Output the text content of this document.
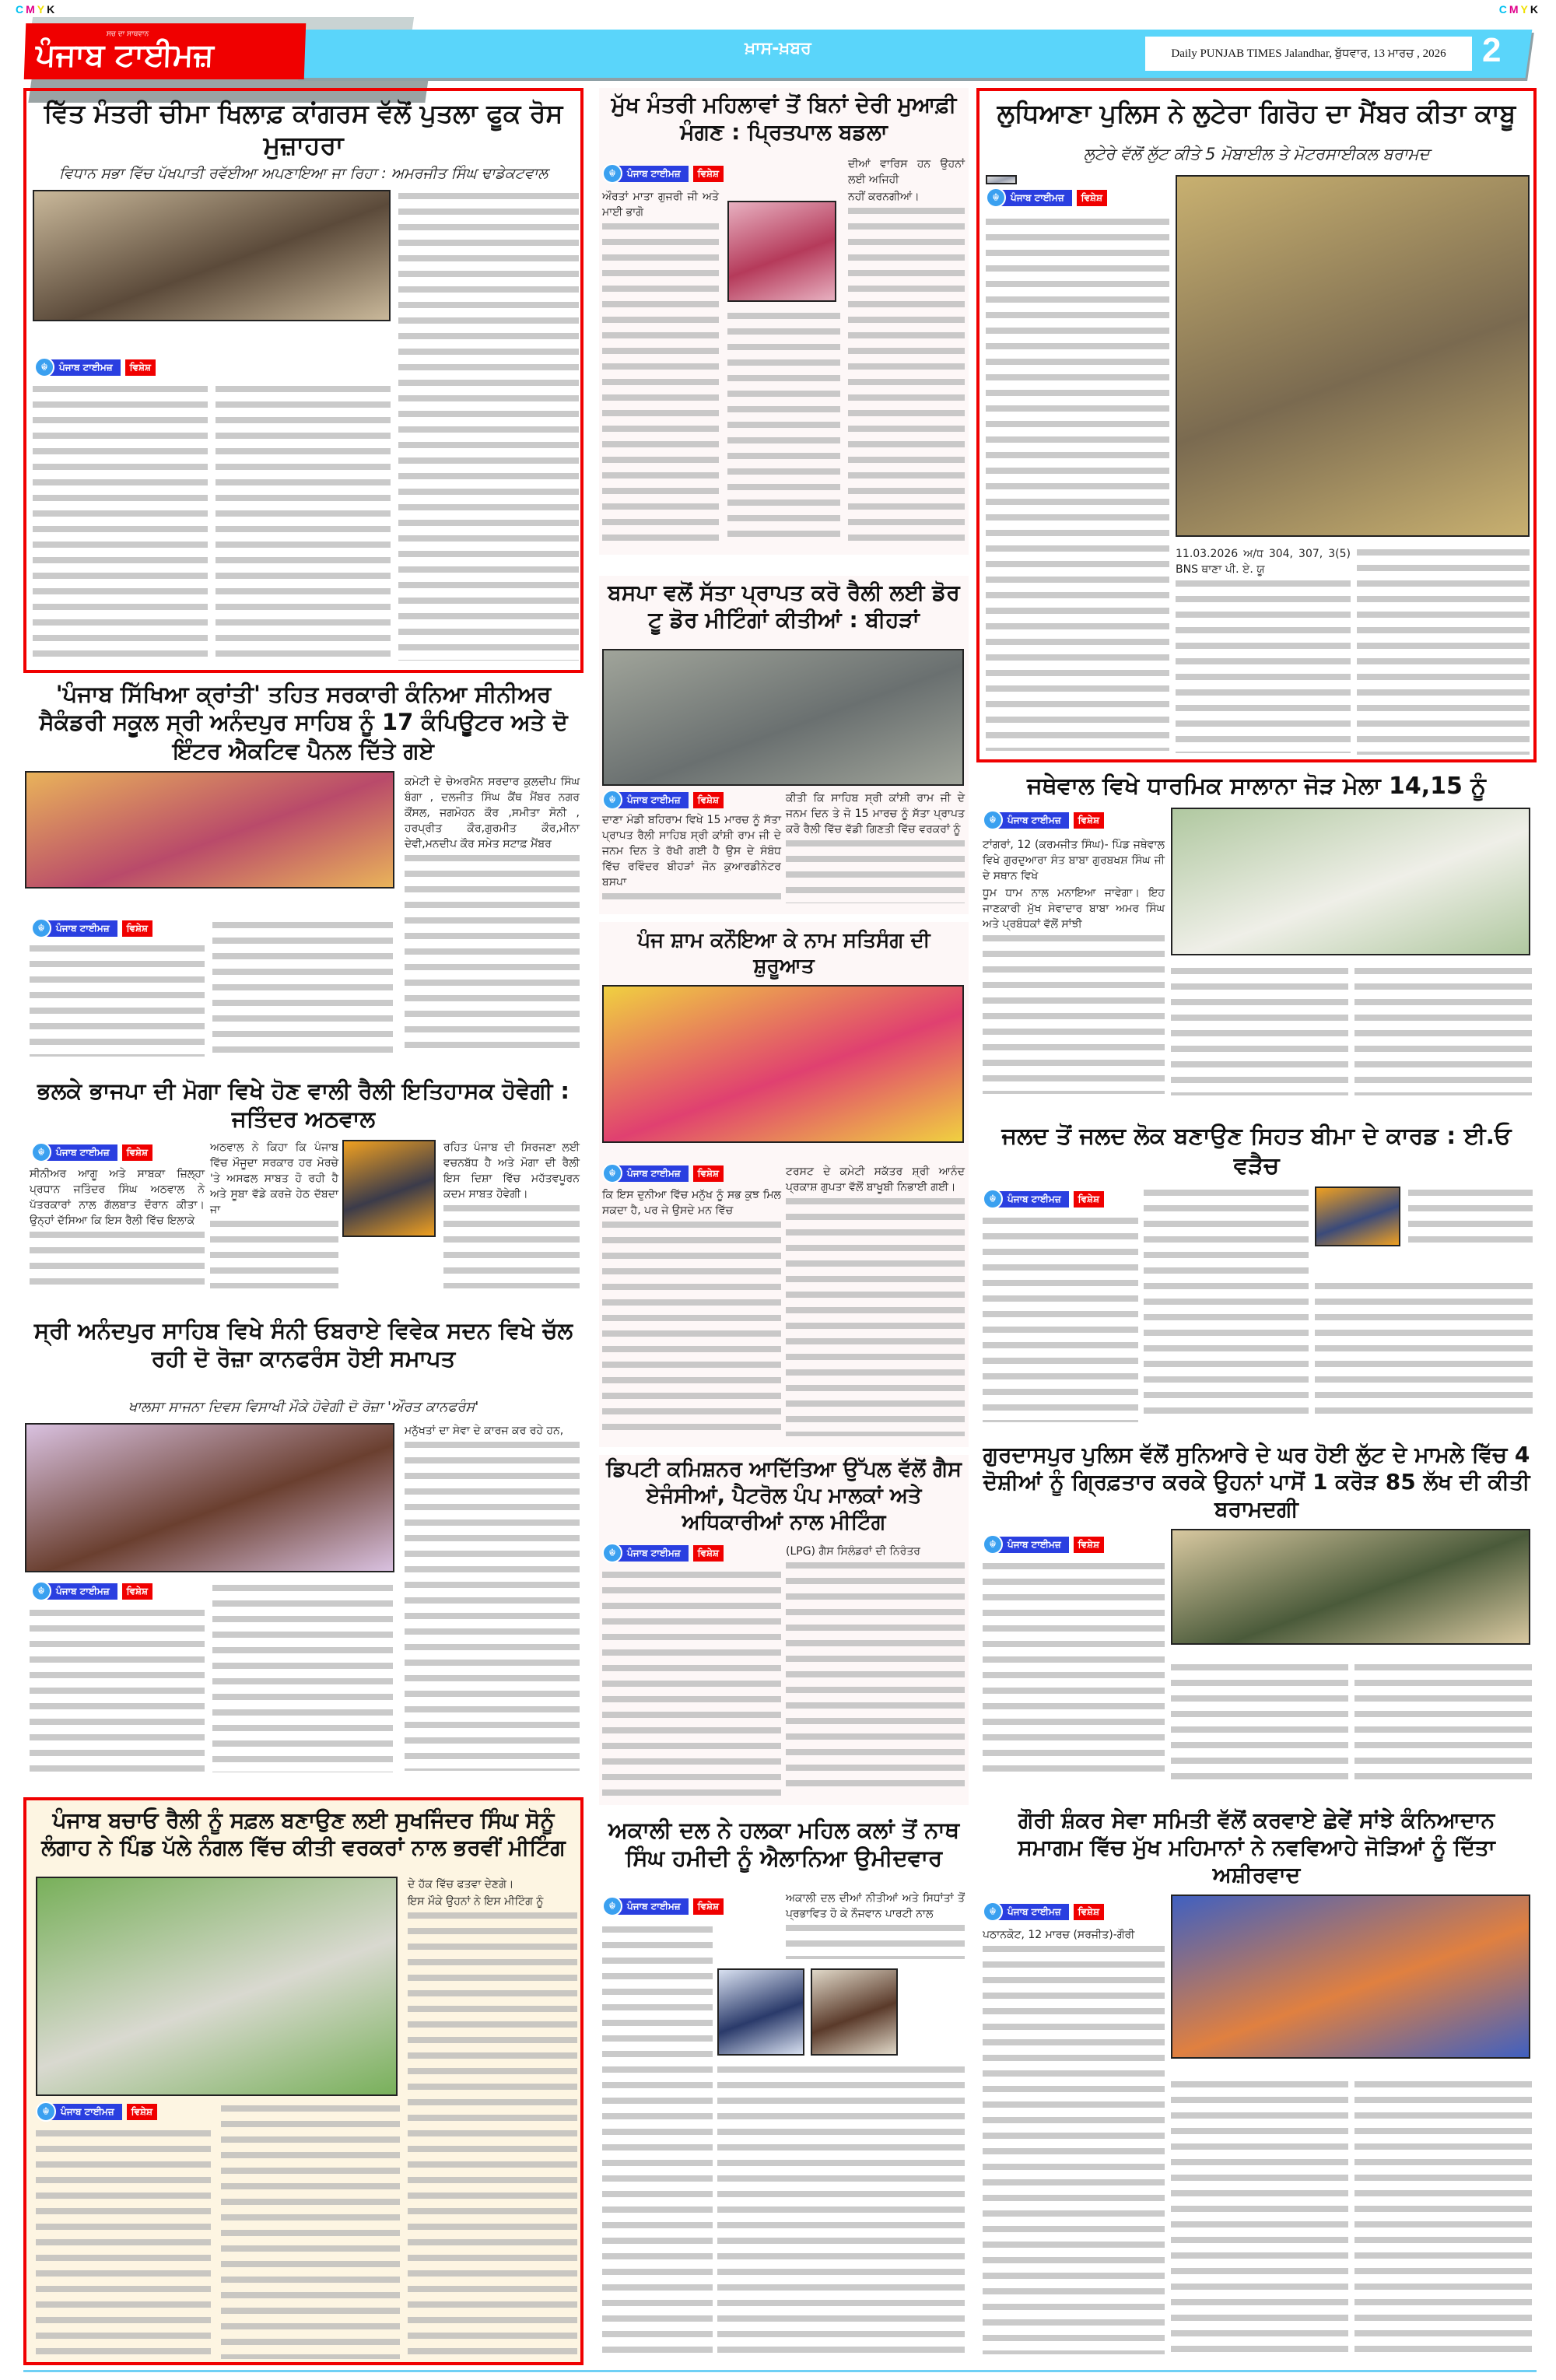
CMYK	CMYK
ਸਚ ਦਾ ਸਾਥਵਾਨ
ਪੰਜਾਬ ਟਾਈਮਜ਼	ਖ਼ਾਸ-ਖ਼ਬਰ	Daily PUNJAB TIMES Jalandhar, ਬੁੱਧਵਾਰ, 13 ਮਾਰਚ , 2026	2
ਵਿੱਤ ਮੰਤਰੀ ਚੀਮਾ ਖਿਲਾਫ਼ ਕਾਂਗਰਸ ਵੱਲੋਂ ਪੁਤਲਾ ਫੂਕ ਰੋਸ ਮੁਜ਼ਾਹਰਾ
ਵਿਧਾਨ ਸਭਾ ਵਿੱਚ ਪੱਖਪਾਤੀ ਰਵੱਈਆ ਅਪਣਾਇਆ ਜਾ ਰਿਹਾ : ਅਮਰਜੀਤ ਸਿੰਘ ਢਾਡੇਕਟਵਾਲ
☬	ਪੰਜਾਬ ਟਾਈਮਜ਼	ਵਿਸ਼ੇਸ਼
'ਪੰਜਾਬ ਸਿੱਖਿਆ ਕ੍ਰਾਂਤੀ' ਤਹਿਤ ਸਰਕਾਰੀ ਕੰਨਿਆ ਸੀਨੀਅਰ ਸੈਕੰਡਰੀ ਸਕੂਲ ਸ੍ਰੀ ਅਨੰਦਪੁਰ ਸਾਹਿਬ ਨੂੰ 17 ਕੰਪਿਊਟਰ ਅਤੇ ਦੋ ਇੰਟਰ ਐਕਟਿਵ ਪੈਨਲ ਦਿੱਤੇ ਗਏ
☬	ਪੰਜਾਬ ਟਾਈਮਜ਼	ਵਿਸ਼ੇਸ਼

ਕਮੇਟੀ ਦੇ ਚੇਅਰਮੈਨ ਸਰਦਾਰ ਕੁਲਦੀਪ ਸਿੰਘ ਬੰਗਾ , ਦਲਜੀਤ ਸਿੰਘ ਕੈਂਥ ਮੈਂਬਰ ਨਗਰ ਕੌਂਸਲ, ਜਗਮੋਹਨ ਕੌਰ ,ਸਮੀਤਾ ਸੋਨੀ , ਹਰਪ੍ਰੀਤ ਕੌਰ,ਗੁਰਮੀਤ ਕੌਰ,ਮੀਨਾ ਦੇਵੀ,ਮਨਦੀਪ ਕੌਰ ਸਮੇਤ ਸਟਾਫ਼ ਮੈਂਬਰ

ਭਲਕੇ ਭਾਜਪਾ ਦੀ ਮੋਗਾ ਵਿਖੇ ਹੋਣ ਵਾਲੀ ਰੈਲੀ ਇਤਿਹਾਸਕ ਹੋਵੇਗੀ : ਜਤਿੰਦਰ ਅਠਵਾਲ
☬	ਪੰਜਾਬ ਟਾਈਮਜ਼	ਵਿਸ਼ੇਸ਼

ਸੀਨੀਅਰ ਆਗੂ ਅਤੇ ਸਾਬਕਾ ਜ਼ਿਲ੍ਹਾ ਪ੍ਰਧਾਨ ਜਤਿੰਦਰ ਸਿੰਘ ਅਠਵਾਲ ਨੇ ਪੱਤਰਕਾਰਾਂ ਨਾਲ ਗੱਲਬਾਤ ਦੌਰਾਨ ਕੀਤਾ। ਉਨ੍ਹਾਂ ਦੱਸਿਆ ਕਿ ਇਸ ਰੈਲੀ ਵਿੱਚ ਇਲਾਕੇ

ਅਠਵਾਲ ਨੇ ਕਿਹਾ ਕਿ ਪੰਜਾਬ ਵਿੱਚ ਮੌਜੂਦਾ ਸਰਕਾਰ ਹਰ ਮੋਰਚੇ 'ਤੇ ਅਸਫਲ ਸਾਬਤ ਹੋ ਰਹੀ ਹੈ ਅਤੇ ਸੂਬਾ ਵੱਡੇ ਕਰਜ਼ੇ ਹੇਠ ਦੱਬਦਾ ਜਾ

ਰਹਿਤ ਪੰਜਾਬ ਦੀ ਸਿਰਜਣਾ ਲਈ ਵਚਨਬੱਧ ਹੈ ਅਤੇ ਮੋਗਾ ਦੀ ਰੈਲੀ ਇਸ ਦਿਸ਼ਾ ਵਿੱਚ ਮਹੱਤਵਪੂਰਨ ਕਦਮ ਸਾਬਤ ਹੋਵੇਗੀ।

ਸ੍ਰੀ ਅਨੰਦਪੁਰ ਸਾਹਿਬ ਵਿਖੇ ਸੰਨੀ ਓਬਰਾਏ ਵਿਵੇਕ ਸਦਨ ਵਿਖੇ ਚੱਲ ਰਹੀ ਦੋ ਰੋਜ਼ਾ ਕਾਨਫਰੰਸ ਹੋਈ ਸਮਾਪਤ
ਖਾਲਸਾ ਸਾਜਨਾ ਦਿਵਸ ਵਿਸਾਖੀ ਮੌਕੇ ਹੋਵੇਗੀ ਦੋ ਰੋਜ਼ਾ 'ਔਰਤ ਕਾਨਫਰੰਸ'
☬	ਪੰਜਾਬ ਟਾਈਮਜ਼	ਵਿਸ਼ੇਸ਼

ਮਨੁੱਖਤਾਂ ਦਾ ਸੇਵਾ ਦੇ ਕਾਰਜ ਕਰ ਰਹੇ ਹਨ,

ਪੰਜਾਬ ਬਚਾਓ ਰੈਲੀ ਨੂੰ ਸਫ਼ਲ ਬਣਾਉਣ ਲਈ ਸੁਖਜਿੰਦਰ ਸਿੰਘ ਸੋਨੂੰ ਲੰਗਾਹ ਨੇ ਪਿੰਡ ਪੱਲੇ ਨੰਗਲ ਵਿੱਚ ਕੀਤੀ ਵਰਕਰਾਂ ਨਾਲ ਭਰਵੀਂ ਮੀਟਿੰਗ
☬	ਪੰਜਾਬ ਟਾਈਮਜ਼	ਵਿਸ਼ੇਸ਼

ਦੇ ਹੱਕ ਵਿੱਚ ਫਤਵਾ ਦੇਣਗੇ।

ਇਸ ਮੌਕੇ ਉਹਨਾਂ ਨੇ ਇਸ ਮੀਟਿੰਗ ਨੂੰ

ਮੁੱਖ ਮੰਤਰੀ ਮਹਿਲਾਵਾਂ ਤੋਂ ਬਿਨਾਂ ਦੇਰੀ ਮੁਆਫ਼ੀ ਮੰਗਣ : ਪ੍ਰਿਤਪਾਲ ਬਡਲਾ
☬	ਪੰਜਾਬ ਟਾਈਮਜ਼	ਵਿਸ਼ੇਸ਼

ਔਰਤਾਂ ਮਾਤਾ ਗੁਜਰੀ ਜੀ ਅਤੇ ਮਾਈ ਭਾਗੋ

ਦੀਆਂ ਵਾਰਿਸ ਹਨ ਉਹਨਾਂ ਲਈ ਅਜਿਹੀ

ਨਹੀਂ ਕਰਨਗੀਆਂ।

ਬਸਪਾ ਵਲੋਂ ਸੱਤਾ ਪ੍ਰਾਪਤ ਕਰੋ ਰੈਲੀ ਲਈ ਡੋਰ ਟੂ ਡੋਰ ਮੀਟਿੰਗਾਂ ਕੀਤੀਆਂ : ਬੀਹੜਾਂ
☬	ਪੰਜਾਬ ਟਾਈਮਜ਼	ਵਿਸ਼ੇਸ਼

ਦਾਣਾ ਮੰਡੀ ਬਹਿਰਾਮ ਵਿਖੇ 15 ਮਾਰਚ ਨੂੰ ਸੱਤਾ ਪ੍ਰਾਪਤ ਰੈਲੀ ਸਾਹਿਬ ਸ੍ਰੀ ਕਾਂਸ਼ੀ ਰਾਮ ਜੀ ਦੇ ਜਨਮ ਦਿਨ ਤੇ ਰੱਖੀ ਗਈ ਹੈ ਉਸ ਦੇ ਸੰਬੰਧ ਵਿੱਚ ਰਵਿੰਦਰ ਬੀਹੜਾਂ ਜੋਨ ਕੁਆਰਡੀਨੇਟਰ ਬਸਪਾ

ਕੀਤੀ ਕਿ ਸਾਹਿਬ ਸ੍ਰੀ ਕਾਂਸ਼ੀ ਰਾਮ ਜੀ ਦੇ ਜਨਮ ਦਿਨ ਤੇ ਜੋ 15 ਮਾਰਚ ਨੂੰ ਸੱਤਾ ਪ੍ਰਾਪਤ ਕਰੋ ਰੈਲੀ ਵਿੱਚ ਵੱਡੀ ਗਿਣਤੀ ਵਿੱਚ ਵਰਕਰਾਂ ਨੂੰ

ਪੰਜ ਸ਼ਾਮ ਕਨੌਇਆ ਕੇ ਨਾਮ ਸਤਿਸੰਗ ਦੀ ਸ਼ੁਰੂਆਤ
☬	ਪੰਜਾਬ ਟਾਈਮਜ਼	ਵਿਸ਼ੇਸ਼

ਕਿ ਇਸ ਦੁਨੀਆ ਵਿੱਚ ਮਨੁੱਖ ਨੂੰ ਸਭ ਕੁਝ ਮਿਲ ਸਕਦਾ ਹੈ, ਪਰ ਜੇ ਉਸਦੇ ਮਨ ਵਿੱਚ

ਟਰਸਟ ਦੇ ਕਮੇਟੀ ਸਕੱਤਰ ਸ਼੍ਰੀ ਆਨੰਦ ਪ੍ਰਕਾਸ਼ ਗੁਪਤਾ ਵੱਲੋਂ ਬਾਖੂਬੀ ਨਿਭਾਈ ਗਈ।

ਡਿਪਟੀ ਕਮਿਸ਼ਨਰ ਆਦਿੱਤਿਆ ਉੱਪਲ ਵੱਲੋਂ ਗੈਸ ਏਜੰਸੀਆਂ, ਪੈਟਰੋਲ ਪੰਪ ਮਾਲਕਾਂ ਅਤੇ ਅਧਿਕਾਰੀਆਂ ਨਾਲ ਮੀਟਿੰਗ
☬	ਪੰਜਾਬ ਟਾਈਮਜ਼	ਵਿਸ਼ੇਸ਼	(LPG) ਗੈਸ ਸਿਲੰਡਰਾਂ ਦੀ ਨਿਰੰਤਰ

ਅਕਾਲੀ ਦਲ ਨੇ ਹਲਕਾ ਮਹਿਲ ਕਲਾਂ ਤੋਂ ਨਾਥ ਸਿੰਘ ਹਮੀਦੀ ਨੂੰ ਐਲਾਨਿਆ ਉਮੀਦਵਾਰ
☬	ਪੰਜਾਬ ਟਾਈਮਜ਼	ਵਿਸ਼ੇਸ਼

ਅਕਾਲੀ ਦਲ ਦੀਆਂ ਨੀਤੀਆਂ ਅਤੇ ਸਿਧਾਂਤਾਂ ਤੋਂ ਪ੍ਰਭਾਵਿਤ ਹੋ ਕੇ ਨੌਜਵਾਨ ਪਾਰਟੀ ਨਾਲ

ਲੁਧਿਆਣਾ ਪੁਲਿਸ ਨੇ ਲੁਟੇਰਾ ਗਿਰੋਹ ਦਾ ਮੈਂਬਰ ਕੀਤਾ ਕਾਬੂ
ਲੁਟੇਰੇ ਵੱਲੋਂ ਲੁੱਟ ਕੀਤੇ 5 ਮੋਬਾਈਲ ਤੇ ਮੋਟਰਸਾਈਕਲ ਬਰਾਮਦ
☬	ਪੰਜਾਬ ਟਾਈਮਜ਼	ਵਿਸ਼ੇਸ਼

11.03.2026 ਅ/ਧ 304, 307, 3(5) BNS ਥਾਣਾ ਪੀ. ਏ. ਯੂ

ਜਥੇਵਾਲ ਵਿਖੇ ਧਾਰਮਿਕ ਸਾਲਾਨਾ ਜੋੜ ਮੇਲਾ 14,15 ਨੂੰ
☬	ਪੰਜਾਬ ਟਾਈਮਜ਼	ਵਿਸ਼ੇਸ਼

ਟਾਂਗਰਾਂ, 12 (ਕਰਮਜੀਤ ਸਿੰਘ)- ਪਿੰਡ ਜਥੇਵਾਲ ਵਿਖੇ ਗੁਰਦੁਆਰਾ ਸੰਤ ਬਾਬਾ ਗੁਰਬਖਸ਼ ਸਿੰਘ ਜੀ ਦੇ ਸਥਾਨ ਵਿਖੇ

ਧੂਮ ਧਾਮ ਨਾਲ ਮਨਾਇਆ ਜਾਵੇਗਾ। ਇਹ ਜਾਣਕਾਰੀ ਮੁੱਖ ਸੇਵਾਦਾਰ ਬਾਬਾ ਅਮਰ ਸਿੰਘ ਅਤੇ ਪ੍ਰਬੰਧਕਾਂ ਵੱਲੋਂ ਸਾਂਝੀ

ਜਲਦ ਤੋਂ ਜਲਦ ਲੋਕ ਬਣਾਉਣ ਸਿਹਤ ਬੀਮਾ ਦੇ ਕਾਰਡ : ਈ.ਓ ਵੜੈਚ
☬	ਪੰਜਾਬ ਟਾਈਮਜ਼	ਵਿਸ਼ੇਸ਼
ਗੁਰਦਾਸਪੁਰ ਪੁਲਿਸ ਵੱਲੋਂ ਸੁਨਿਆਰੇ ਦੇ ਘਰ ਹੋਈ ਲੁੱਟ ਦੇ ਮਾਮਲੇ ਵਿੱਚ 4 ਦੋਸ਼ੀਆਂ ਨੂੰ ਗ੍ਰਿਫ਼ਤਾਰ ਕਰਕੇ ਉਹਨਾਂ ਪਾਸੋਂ 1 ਕਰੋੜ 85 ਲੱਖ ਦੀ ਕੀਤੀ ਬਰਾਮਦਗੀ
☬	ਪੰਜਾਬ ਟਾਈਮਜ਼	ਵਿਸ਼ੇਸ਼
ਗੌਰੀ ਸ਼ੰਕਰ ਸੇਵਾ ਸਮਿਤੀ ਵੱਲੋਂ ਕਰਵਾਏ ਛੇਵੇਂ ਸਾਂਝੇ ਕੰਨਿਆਦਾਨ ਸਮਾਗਮ ਵਿੱਚ ਮੁੱਖ ਮਹਿਮਾਨਾਂ ਨੇ ਨਵਵਿਆਹੇ ਜੋੜਿਆਂ ਨੂੰ ਦਿੱਤਾ ਅਸ਼ੀਰਵਾਦ
☬	ਪੰਜਾਬ ਟਾਈਮਜ਼	ਵਿਸ਼ੇਸ਼

ਪਠਾਨਕੋਟ, 12 ਮਾਰਚ (ਸਰਜੀਤ)-ਗੌਰੀ
